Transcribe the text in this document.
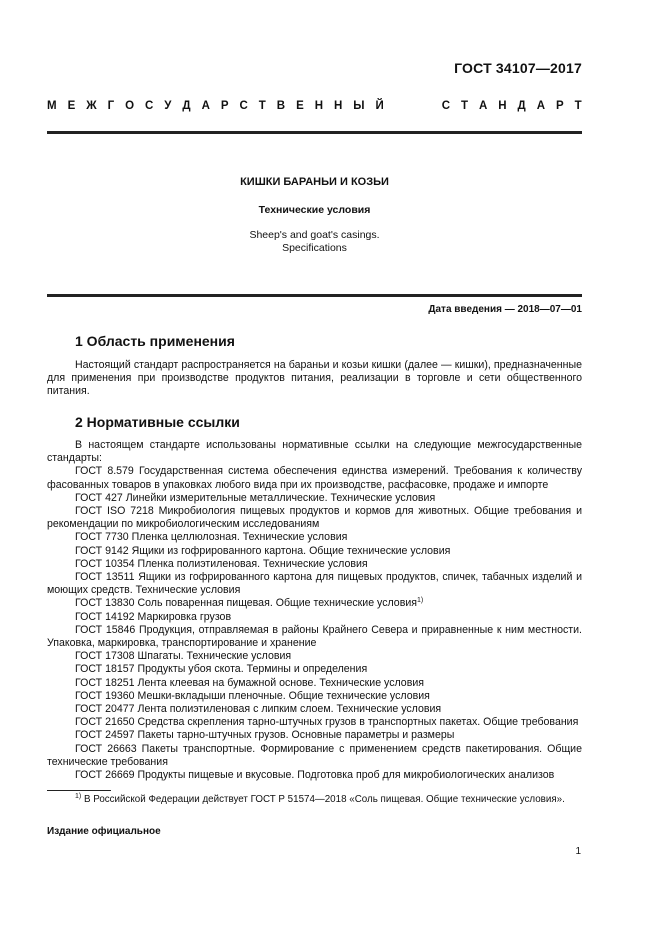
ГОСТ 34107—2017
М Е Ж Г О С У Д А Р С Т В Е Н Н Ы Й	С Т А Н Д А Р Т
КИШКИ БАРАНЬИ И КОЗЬИ
Технические условия
Sheep's and goat's casings.
Specifications
Дата введения — 2018—07—01
1 Область применения

Настоящий стандарт распространяется на бараньи и козьи кишки (далее — кишки), предназначенные для применения при производстве продуктов питания, реализации в торговле и сети общественного питания.

2 Нормативные ссылки

В настоящем стандарте использованы нормативные ссылки на следующие межгосударственные стандарты:

ГОСТ 8.579 Государственная система обеспечения единства измерений. Требования к количеству фасованных товаров в упаковках любого вида при их производстве, расфасовке, продаже и импорте

ГОСТ 427 Линейки измерительные металлические. Технические условия

ГОСТ ISO 7218 Микробиология пищевых продуктов и кормов для животных. Общие требования и рекомендации по микробиологическим исследованиям

ГОСТ 7730 Пленка целлюлозная. Технические условия

ГОСТ 9142 Ящики из гофрированного картона. Общие технические условия

ГОСТ 10354 Пленка полиэтиленовая. Технические условия

ГОСТ 13511 Ящики из гофрированного картона для пищевых продуктов, спичек, табачных изделий и моющих средств. Технические условия

ГОСТ 13830 Соль поваренная пищевая. Общие технические условия$^{1)}$

ГОСТ 14192 Маркировка грузов

ГОСТ 15846 Продукция, отправляемая в районы Крайнего Севера и приравненные к ним местности. Упаковка, маркировка, транспортирование и хранение

ГОСТ 17308 Шпагаты. Технические условия

ГОСТ 18157 Продукты убоя скота. Термины и определения

ГОСТ 18251 Лента клеевая на бумажной основе. Технические условия

ГОСТ 19360 Мешки-вкладыши пленочные. Общие технические условия

ГОСТ 20477 Лента полиэтиленовая с липким слоем. Технические условия

ГОСТ 21650 Средства скрепления тарно-штучных грузов в транспортных пакетах. Общие требования

ГОСТ 24597 Пакеты тарно-штучных грузов. Основные параметры и размеры

ГОСТ 26663 Пакеты транспортные. Формирование с применением средств пакетирования. Общие технические требования

ГОСТ 26669 Продукты пищевые и вкусовые. Подготовка проб для микробиологических анализов

$^{1)}$ В Российской Федерации действует ГОСТ Р 51574—2018 «Соль пищевая. Общие технические условия».
Издание официальное
1
